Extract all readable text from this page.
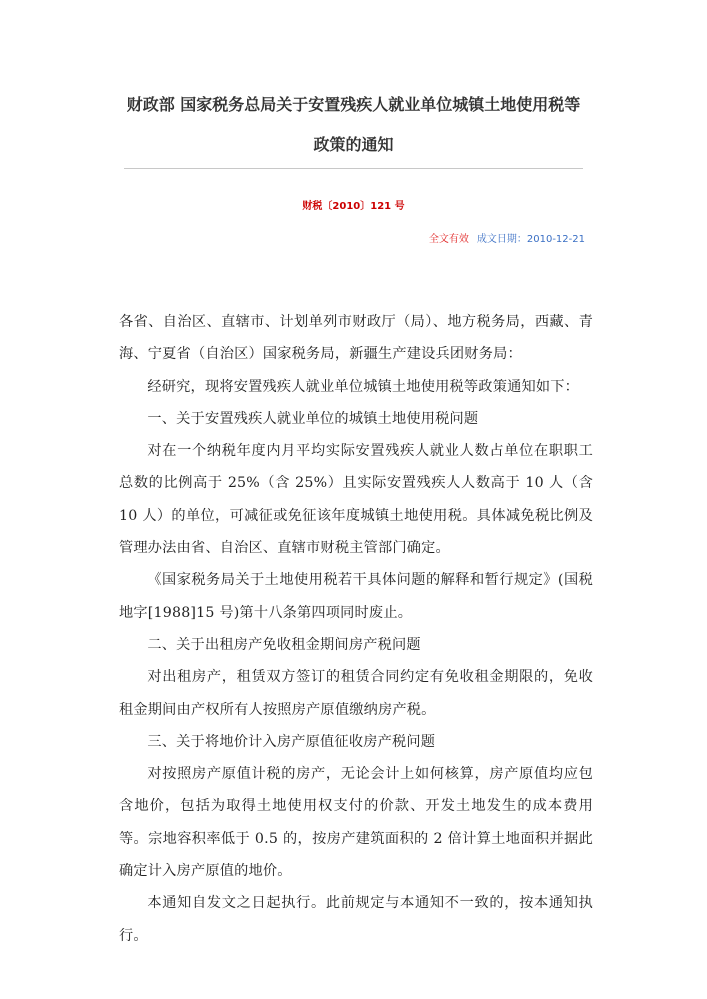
财政部 国家税务总局关于安置残疾人就业单位城镇土地使用税等
政策的通知
财税〔2010〕121 号
全文有效 成文日期：2010-12-21

各省、自治区、直辖市、计划单列市财政厅（局）、地方税务局，西藏、青海、宁夏省（自治区）国家税务局，新疆生产建设兵团财务局：

经研究，现将安置残疾人就业单位城镇土地使用税等政策通知如下：

一、关于安置残疾人就业单位的城镇土地使用税问题

对在一个纳税年度内月平均实际安置残疾人就业人数占单位在职职工总数的比例高于 25%（含 25%）且实际安置残疾人人数高于 10 人（含 10 人）的单位，可减征或免征该年度城镇土地使用税。具体减免税比例及管理办法由省、自治区、直辖市财税主管部门确定。

《国家税务局关于土地使用税若干具体问题的解释和暂行规定》(国税地字[1988]15 号)第十八条第四项同时废止。

二、关于出租房产免收租金期间房产税问题

对出租房产，租赁双方签订的租赁合同约定有免收租金期限的，免收租金期间由产权所有人按照房产原值缴纳房产税。

三、关于将地价计入房产原值征收房产税问题

对按照房产原值计税的房产，无论会计上如何核算，房产原值均应包含地价，包括为取得土地使用权支付的价款、开发土地发生的成本费用等。宗地容积率低于 0.5 的，按房产建筑面积的 2 倍计算土地面积并据此确定计入房产原值的地价。

本通知自发文之日起执行。此前规定与本通知不一致的，按本通知执行。
